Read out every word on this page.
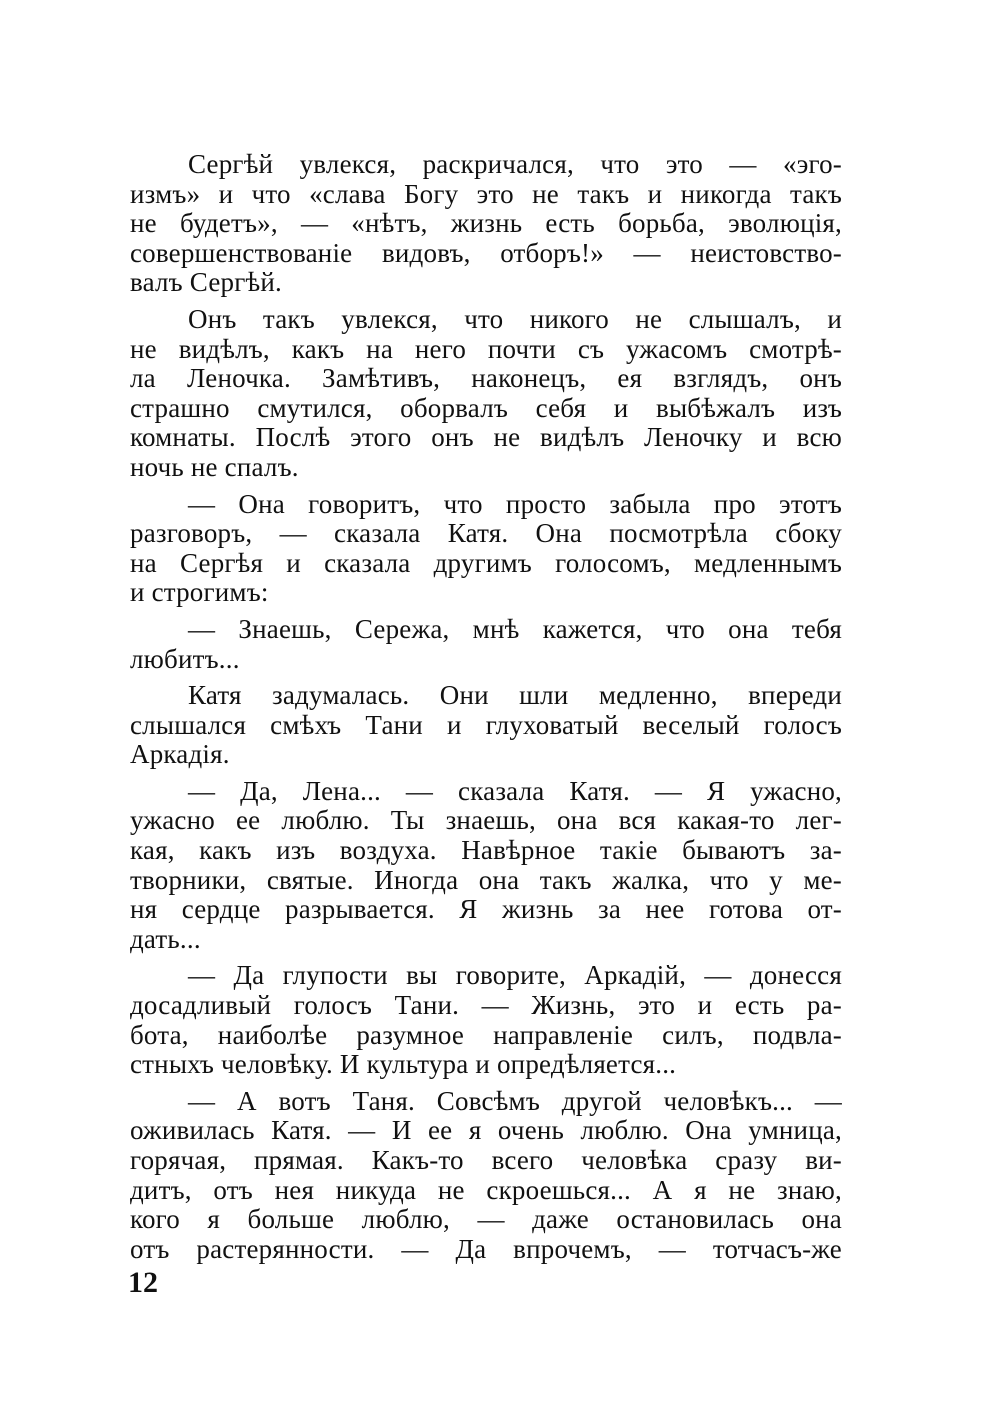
Сергѣй увлекся, раскричался, что это — «эго-
измъ» и что «слава Богу это не такъ и никогда такъ
не будетъ», — «нѣтъ, жизнь есть борьба, эволюція,
совершенствованіе видовъ, отборъ!» — неистовство-
валъ Сергѣй.
Онъ такъ увлекся, что никого не слышалъ, и
не видѣлъ, какъ на него почти съ ужасомъ смотрѣ-
ла Леночка. Замѣтивъ, наконецъ, ея взглядъ, онъ
страшно смутился, оборвалъ себя и выбѣжалъ изъ
комнаты. Послѣ этого онъ не видѣлъ Леночку и всю
ночь не спалъ.
— Она говоритъ, что просто забыла про этотъ
разговоръ, — сказала Катя. Она посмотрѣла сбоку
на Сергѣя и сказала другимъ голосомъ, медленнымъ
и строгимъ:
— Знаешь, Сережа, мнѣ кажется, что она тебя
любитъ...
Катя задумалась. Они шли медленно, впереди
слышался смѣхъ Тани и глуховатый веселый голосъ
Аркадія.
— Да, Лена... — сказала Катя. — Я ужасно,
ужасно ее люблю. Ты знаешь, она вся какая-то лег-
кая, какъ изъ воздуха. Навѣрное такіе бываютъ за-
творники, святые. Иногда она такъ жалка, что у ме-
ня сердце разрывается. Я жизнь за нее готова от-
дать...
— Да глупости вы говорите, Аркадій, — донесся
досадливый голосъ Тани. — Жизнь, это и есть ра-
бота, наиболѣе разумное направленіе силъ, подвла-
стныхъ человѣку. И культура и опредѣляется...
— А вотъ Таня. Совсѣмъ другой человѣкъ... —
оживилась Катя. — И ее я очень люблю. Она умница,
горячая, прямая. Какъ-то всего человѣка сразу ви-
дитъ, отъ нея никуда не скроешься... А я не знаю,
кого я больше люблю, — даже остановилась она
отъ растерянности. — Да впрочемъ, — тотчасъ-же
12
